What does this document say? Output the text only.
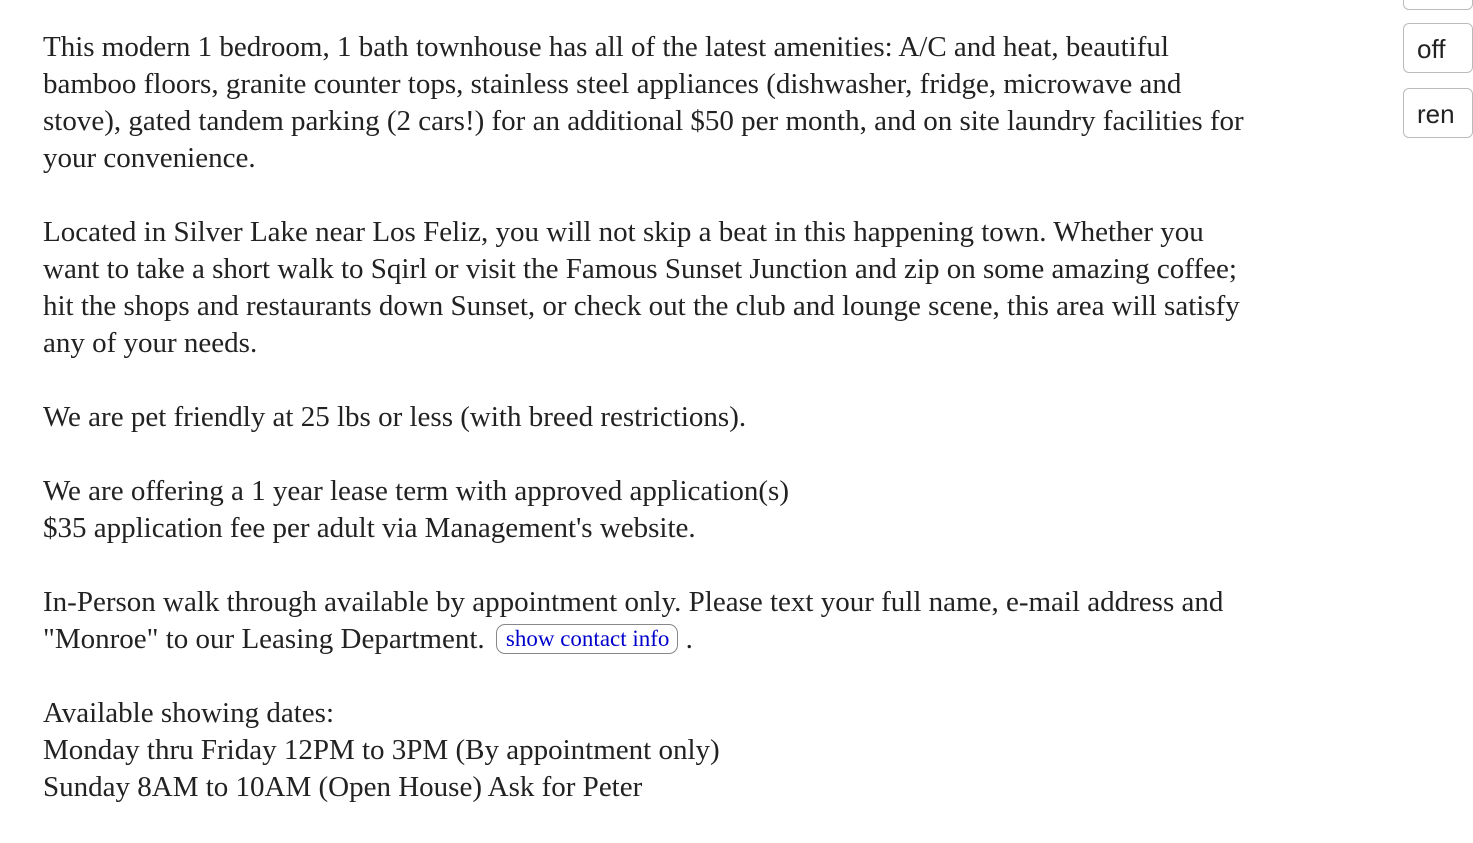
off
ren

This modern 1 bedroom, 1 bath townhouse has all of the latest amenities: A/C and heat, beautiful
bamboo floors, granite counter tops, stainless steel appliances (dishwasher, fridge, microwave and
stove), gated tandem parking (2 cars!) for an additional $50 per month, and on site laundry facilities for
your convenience.

Located in Silver Lake near Los Feliz, you will not skip a beat in this happening town. Whether you
want to take a short walk to Sqirl or visit the Famous Sunset Junction and zip on some amazing coffee;
hit the shops and restaurants down Sunset, or check out the club and lounge scene, this area will satisfy
any of your needs.

We are pet friendly at 25 lbs or less (with breed restrictions).

We are offering a 1 year lease term with approved application(s)
$35 application fee per adult via Management's website.

In-Person walk through available by appointment only. Please text your full name, e-mail address and
"Monroe" to our Leasing Department. show contact info .

Available showing dates:
Monday thru Friday 12PM to 3PM (By appointment only)
Sunday 8AM to 10AM (Open House) Ask for Peter
